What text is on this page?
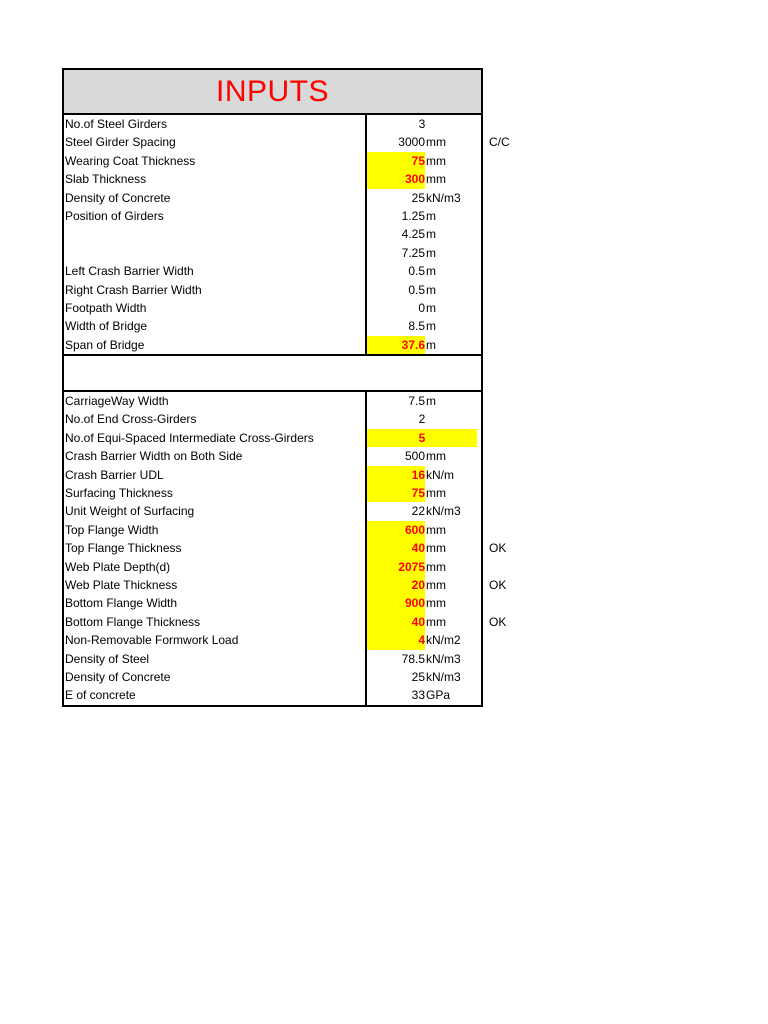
INPUTS
No.of Steel Girders	3
Steel Girder Spacing	3000 mm	C/C
Wearing Coat Thickness	75 mm
Slab Thickness	300 mm
Density of Concrete	25 kN/m3
Position of Girders	1.25 m
4.25 m
7.25 m
Left Crash Barrier Width	0.5 m
Right Crash Barrier Width	0.5 m
Footpath Width	0 m
Width of Bridge	8.5 m
Span of Bridge	37.6 m
CarriageWay Width	7.5 m
No.of End Cross-Girders	2
No.of Equi-Spaced Intermediate Cross-Girders	5
Crash Barrier Width on Both Side	500 mm
Crash Barrier UDL	16 kN/m
Surfacing Thickness	75 mm
Unit Weight of Surfacing	22 kN/m3
Top Flange Width	600 mm
Top Flange Thickness	40 mm	OK
Web Plate Depth(d)	2075 mm
Web Plate Thickness	20 mm	OK
Bottom Flange Width	900 mm
Bottom Flange Thickness	40 mm	OK
Non-Removable Formwork Load	4 kN/m2
Density of Steel	78.5 kN/m3
Density of Concrete	25 kN/m3
E of concrete	33 GPa
